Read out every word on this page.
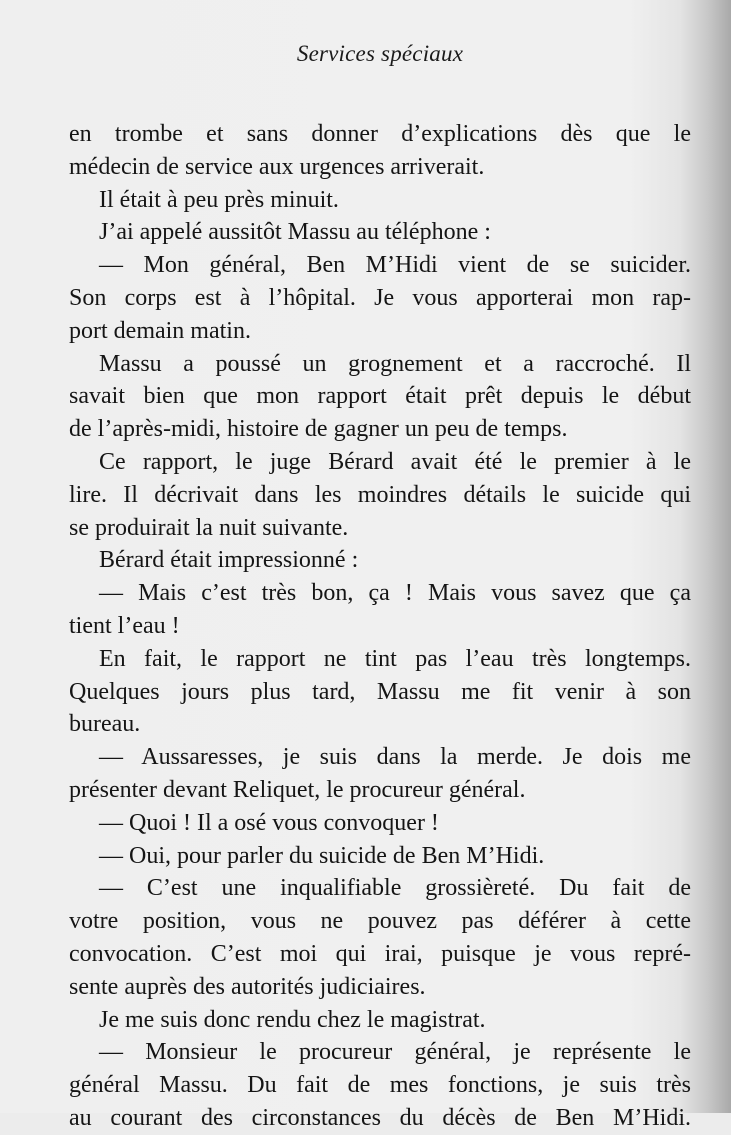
Services spéciaux
en trombe et sans donner d’explications dès que le
médecin de service aux urgences arriverait.
Il était à peu près minuit.
J’ai appelé aussitôt Massu au téléphone :
— Mon général, Ben M’Hidi vient de se suicider.
Son corps est à l’hôpital. Je vous apporterai mon rap-
port demain matin.
Massu a poussé un grognement et a raccroché. Il
savait bien que mon rapport était prêt depuis le début
de l’après-midi, histoire de gagner un peu de temps.
Ce rapport, le juge Bérard avait été le premier à le
lire. Il décrivait dans les moindres détails le suicide qui
se produirait la nuit suivante.
Bérard était impressionné :
— Mais c’est très bon, ça ! Mais vous savez que ça
tient l’eau !
En fait, le rapport ne tint pas l’eau très longtemps.
Quelques jours plus tard, Massu me fit venir à son
bureau.
— Aussaresses, je suis dans la merde. Je dois me
présenter devant Reliquet, le procureur général.
— Quoi ! Il a osé vous convoquer !
— Oui, pour parler du suicide de Ben M’Hidi.
— C’est une inqualifiable grossièreté. Du fait de
votre position, vous ne pouvez pas déférer à cette
convocation. C’est moi qui irai, puisque je vous repré-
sente auprès des autorités judiciaires.
Je me suis donc rendu chez le magistrat.
— Monsieur le procureur général, je représente le
général Massu. Du fait de mes fonctions, je suis très
au courant des circonstances du décès de Ben M’Hidi.
